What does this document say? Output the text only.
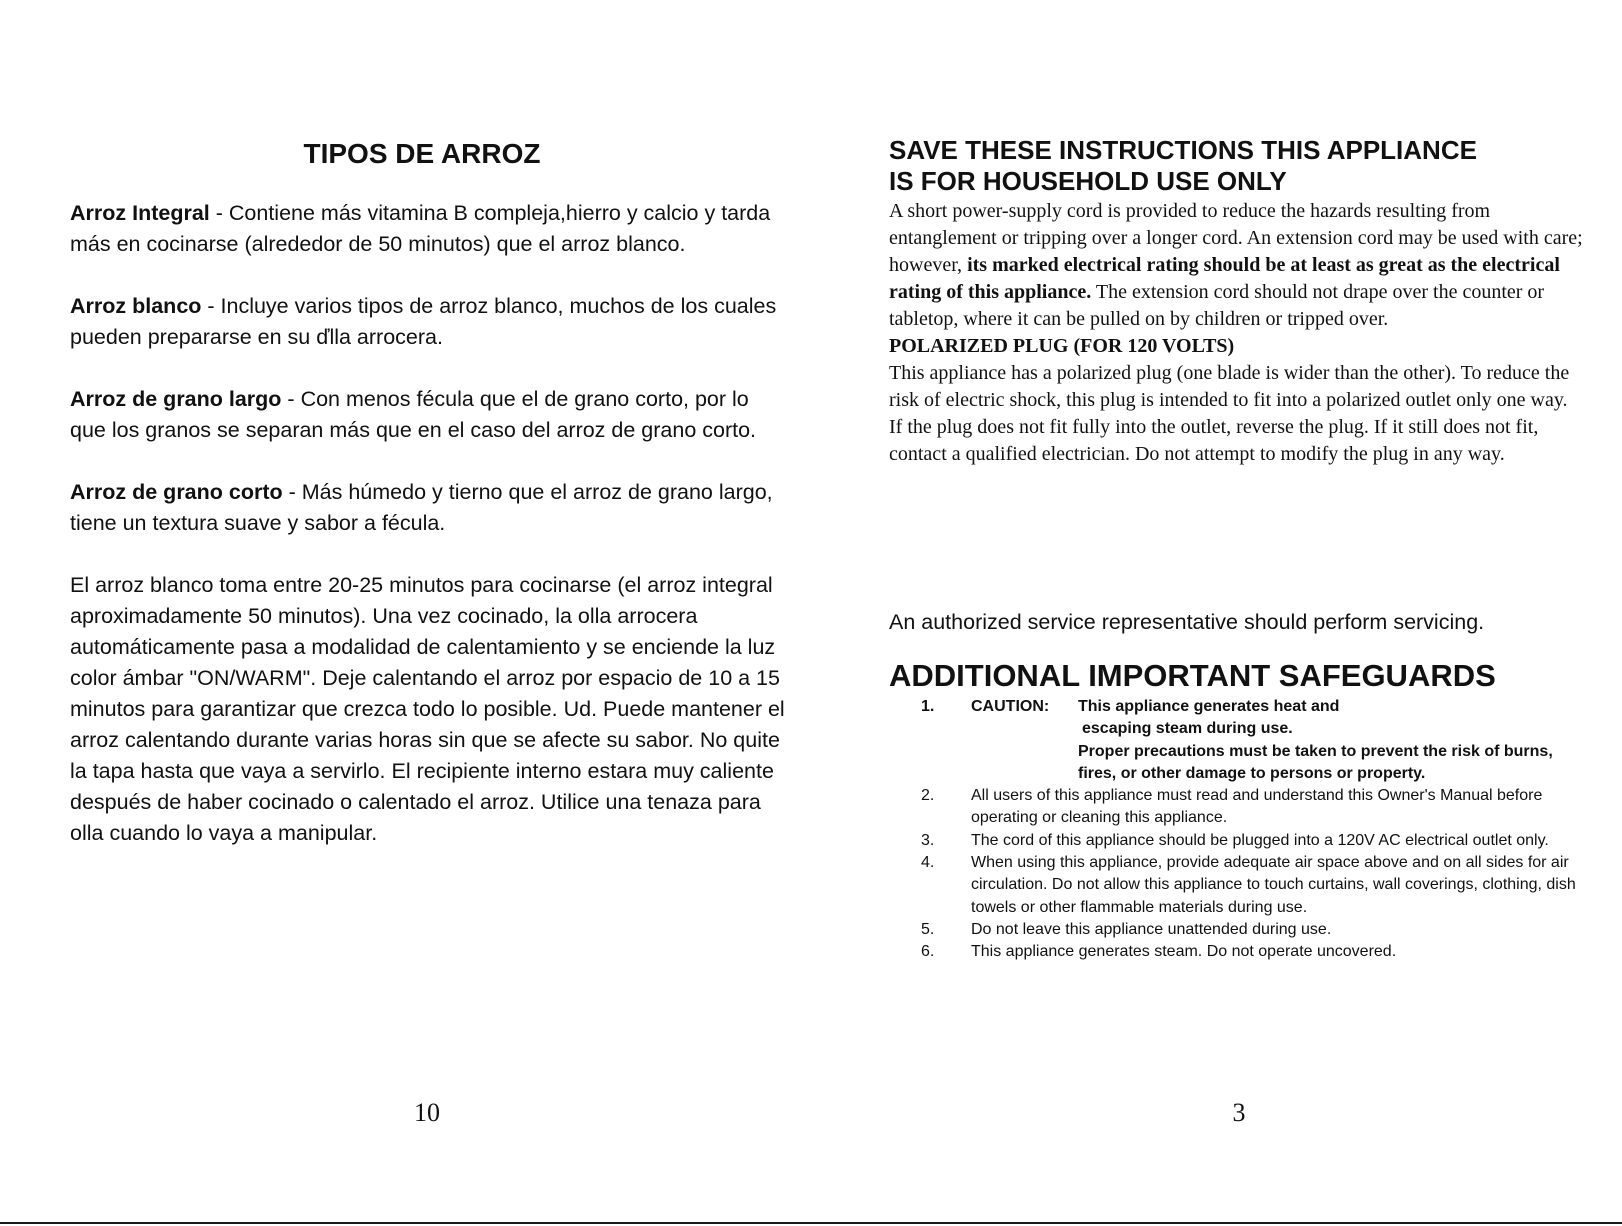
TIPOS DE ARROZ

Arroz Integral - Contiene más vitamina B compleja,hierro y calcio y tarda más en cocinarse (alrededor de 50 minutos) que el arroz blanco.

Arroz blanco - Incluye varios tipos de arroz blanco, muchos de los cuales pueden prepararse en su ďlla arrocera.

Arroz de grano largo - Con menos fécula que el de grano corto, por lo que los granos se separan más que en el caso del arroz de grano corto.

Arroz de grano corto - Más húmedo y tierno que el arroz de grano largo, tiene un textura suave y sabor a fécula.

El arroz blanco toma entre 20-25 minutos para cocinarse (el arroz integral aproximadamente 50 minutos). Una vez cocinado, la olla arrocera automáticamente pasa a modalidad de calentamiento y se enciende la luz color ámbar "ON/WARM". Deje calentando el arroz por espacio de 10 a 15 minutos para garantizar que crezca todo lo posible. Ud. Puede mantener el arroz calentando durante varias horas sin que se afecte su sabor. No quite la tapa hasta que vaya a servirlo. El recipiente interno estara muy caliente después de haber cocinado o calentado el arroz. Utilice una tenaza para olla cuando lo vaya a manipular.

10
SAVE THESE INSTRUCTIONS THIS APPLIANCE
IS FOR HOUSEHOLD USE ONLY

A short power-supply cord is provided to reduce the hazards resulting from entanglement or tripping over a longer cord. An extension cord may be used with care; however, its marked electrical rating should be at least as great as the electrical rating of this appliance. The extension cord should not drape over the counter or tabletop, where it can be pulled on by children or tripped over.

POLARIZED PLUG (FOR 120 VOLTS)

This appliance has a polarized plug (one blade is wider than the other). To reduce the risk of electric shock, this plug is intended to fit into a polarized outlet only one way.

If the plug does not fit fully into the outlet, reverse the plug. If it still does not fit, contact a qualified electrician. Do not attempt to modify the plug in any way.

An authorized service representative should perform servicing.

ADDITIONAL IMPORTANT SAFEGUARDS
1.	CAUTION: This appliance generates heat and
escaping steam during use.
Proper precautions must be taken to prevent the risk of burns, fires, or other damage to persons or property.
2.	All users of this appliance must read and understand this Owner's Manual before operating or cleaning this appliance.
3.	The cord of this appliance should be plugged into a 120V AC electrical outlet only.
4.	When using this appliance, provide adequate air space above and on all sides for air circulation. Do not allow this appliance to touch curtains, wall coverings, clothing, dish towels or other flammable materials during use.
5.	Do not leave this appliance unattended during use.
6.	This appliance generates steam. Do not operate uncovered.
3
